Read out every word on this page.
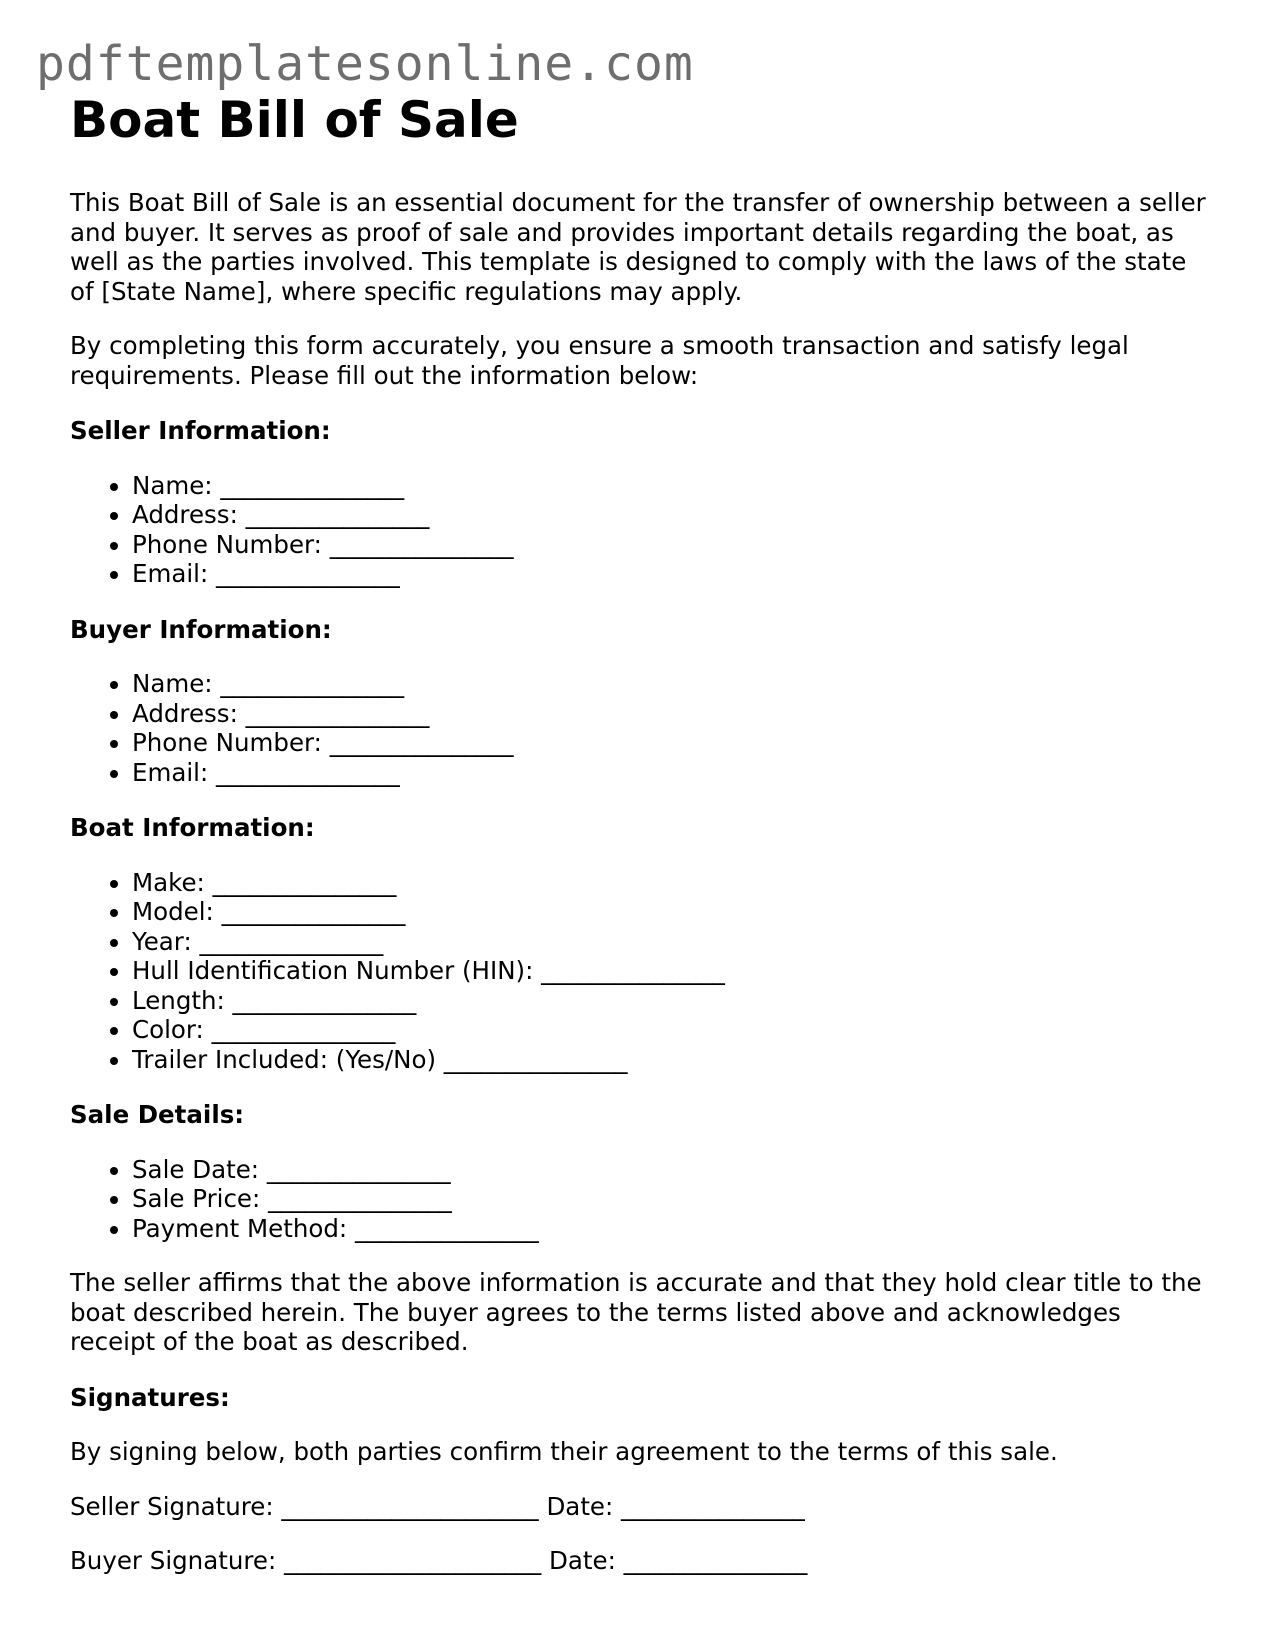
pdftemplatesonline.com
Boat Bill of Sale

This Boat Bill of Sale is an essential document for the transfer of ownership between a seller and buyer. It serves as proof of sale and provides important details regarding the boat, as well as the parties involved. This template is designed to comply with the laws of the state of [State Name], where specific regulations may apply.

By completing this form accurately, you ensure a smooth transaction and satisfy legal requirements. Please fill out the information below:

Seller Information:
• Name: _______________
• Address: _______________
• Phone Number: _______________
• Email: _______________
Buyer Information:
• Name: _______________
• Address: _______________
• Phone Number: _______________
• Email: _______________
Boat Information:
• Make: _______________
• Model: _______________
• Year: _______________
• Hull Identification Number (HIN): _______________
• Length: _______________
• Color: _______________
• Trailer Included: (Yes/No) _______________
Sale Details:
• Sale Date: _______________
• Sale Price: _______________
• Payment Method: _______________

The seller affirms that the above information is accurate and that they hold clear title to the boat described herein. The buyer agrees to the terms listed above and acknowledges receipt of the boat as described.

Signatures:

By signing below, both parties confirm their agreement to the terms of this sale.

Seller Signature: _____________________ Date: _______________

Buyer Signature: _____________________ Date: _______________
